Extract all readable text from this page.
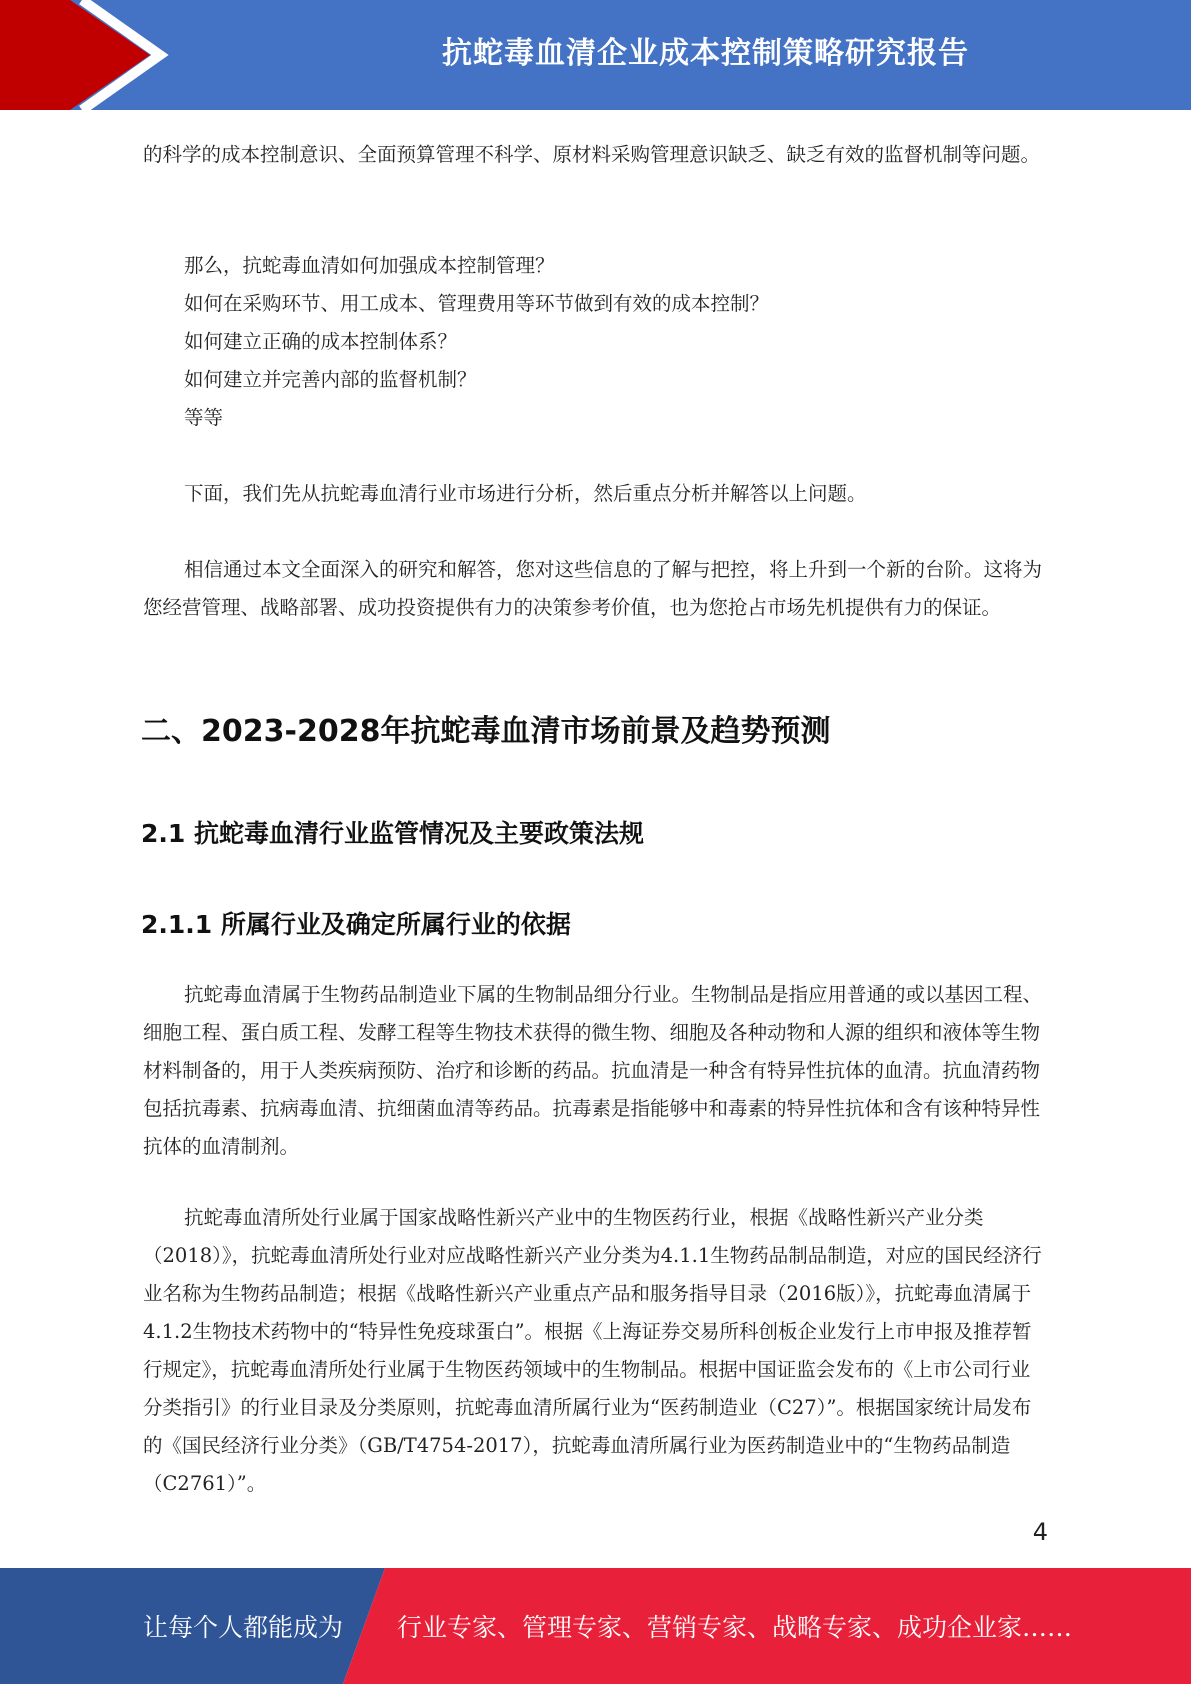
抗蛇毒血清企业成本控制策略研究报告

的科学的成本控制意识、全面预算管理不科学、原材料采购管理意识缺乏、缺乏有效的监督机制等问题。

那么，抗蛇毒血清如何加强成本控制管理？

如何在采购环节、用工成本、管理费用等环节做到有效的成本控制？

如何建立正确的成本控制体系？

如何建立并完善内部的监督机制？

等等

下面，我们先从抗蛇毒血清行业市场进行分析，然后重点分析并解答以上问题。

相信通过本文全面深入的研究和解答，您对这些信息的了解与把控，将上升到一个新的台阶。这将为您经营管理、战略部署、成功投资提供有力的决策参考价值，也为您抢占市场先机提供有力的保证。

二、2023-2028年抗蛇毒血清市场前景及趋势预测
2.1 抗蛇毒血清行业监管情况及主要政策法规
2.1.1 所属行业及确定所属行业的依据

抗蛇毒血清属于生物药品制造业下属的生物制品细分行业。生物制品是指应用普通的或以基因工程、细胞工程、蛋白质工程、发酵工程等生物技术获得的微生物、细胞及各种动物和人源的组织和液体等生物材料制备的，用于人类疾病预防、治疗和诊断的药品。抗血清是一种含有特异性抗体的血清。抗血清药物包括抗毒素、抗病毒血清、抗细菌血清等药品。抗毒素是指能够中和毒素的特异性抗体和含有该种特异性抗体的血清制剂。

抗蛇毒血清所处行业属于国家战略性新兴产业中的生物医药行业，根据《战略性新兴产业分类（2018）》，抗蛇毒血清所处行业对应战略性新兴产业分类为4.1.1生物药品制品制造，对应的国民经济行业名称为生物药品制造；根据《战略性新兴产业重点产品和服务指导目录（2016版）》，抗蛇毒血清属于4.1.2生物技术药物中的“特异性免疫球蛋白”。根据《上海证券交易所科创板企业发行上市申报及推荐暂行规定》，抗蛇毒血清所处行业属于生物医药领域中的生物制品。根据中国证监会发布的《上市公司行业分类指引》的行业目录及分类原则，抗蛇毒血清所属行业为“医药制造业（C27）”。根据国家统计局发布的《国民经济行业分类》（GB/T4754-2017），抗蛇毒血清所属行业为医药制造业中的“生物药品制造（C2761）”。

4
让每个人都能成为 行业专家、管理专家、营销专家、战略专家、成功企业家……
